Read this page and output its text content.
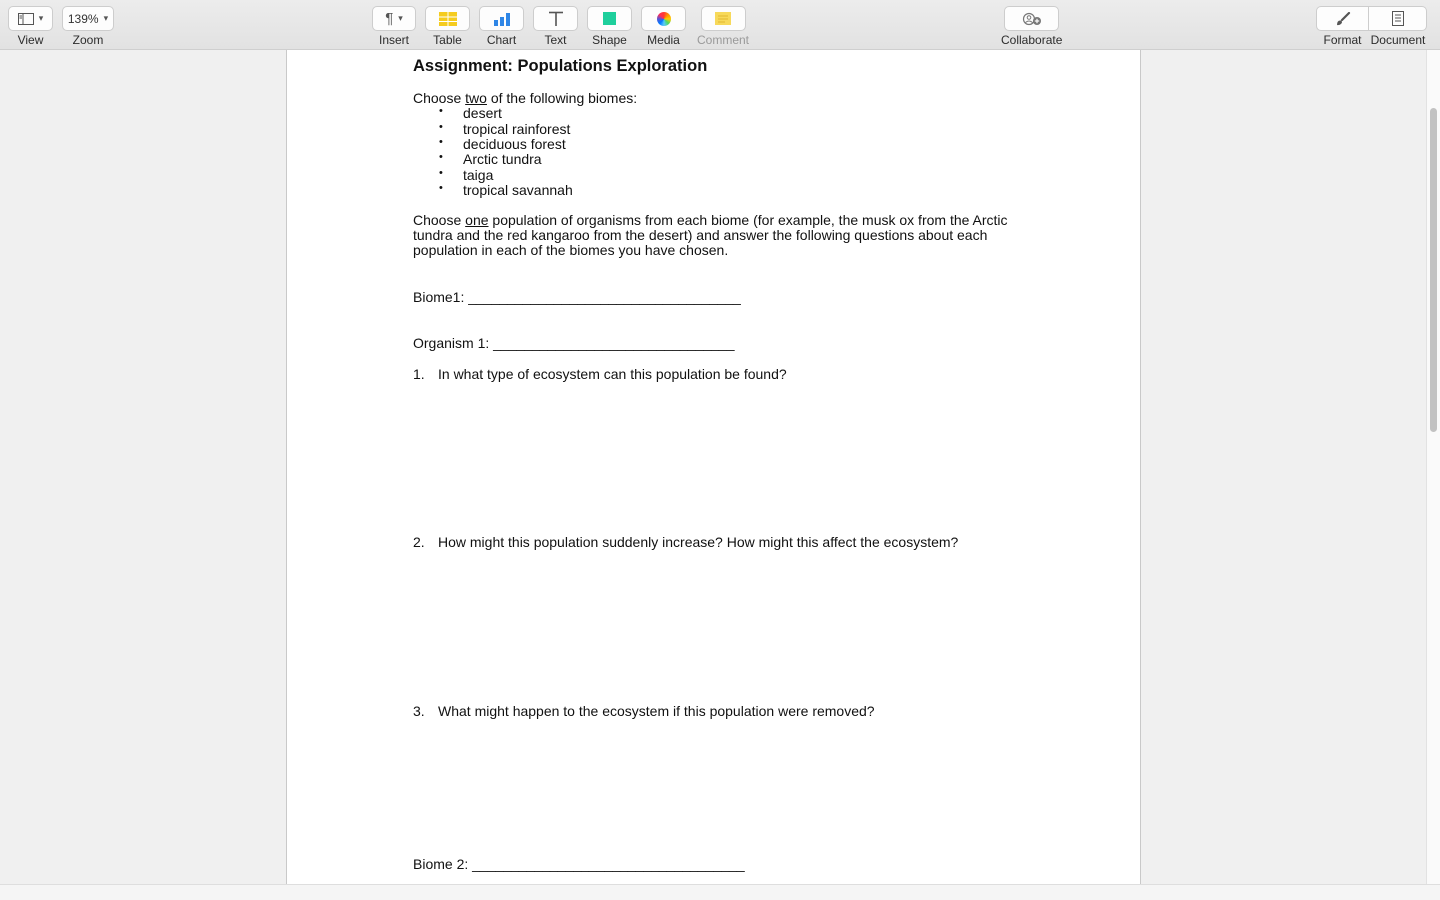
▾
View
139% ▾
Zoom
¶ ▾
Insert Table Chart Text Shape Media Comment	Collaborate	Format Document
Assignment: Populations Exploration
Choose two of the following biomes:
• desert
• tropical rainforest
• deciduous forest
• Arctic tundra
• taiga
• tropical savannah
Choose one population of organisms from each biome (for example, the musk ox from the Arctic tundra and the red kangaroo from the desert) and answer the following questions about each population in each of the biomes you have chosen.
Biome1: ___________________________________
Organism 1: _______________________________
1. In what type of ecosystem can this population be found?
2. How might this population suddenly increase? How might this affect the ecosystem?
3. What might happen to the ecosystem if this population were removed?
Biome 2: ___________________________________
